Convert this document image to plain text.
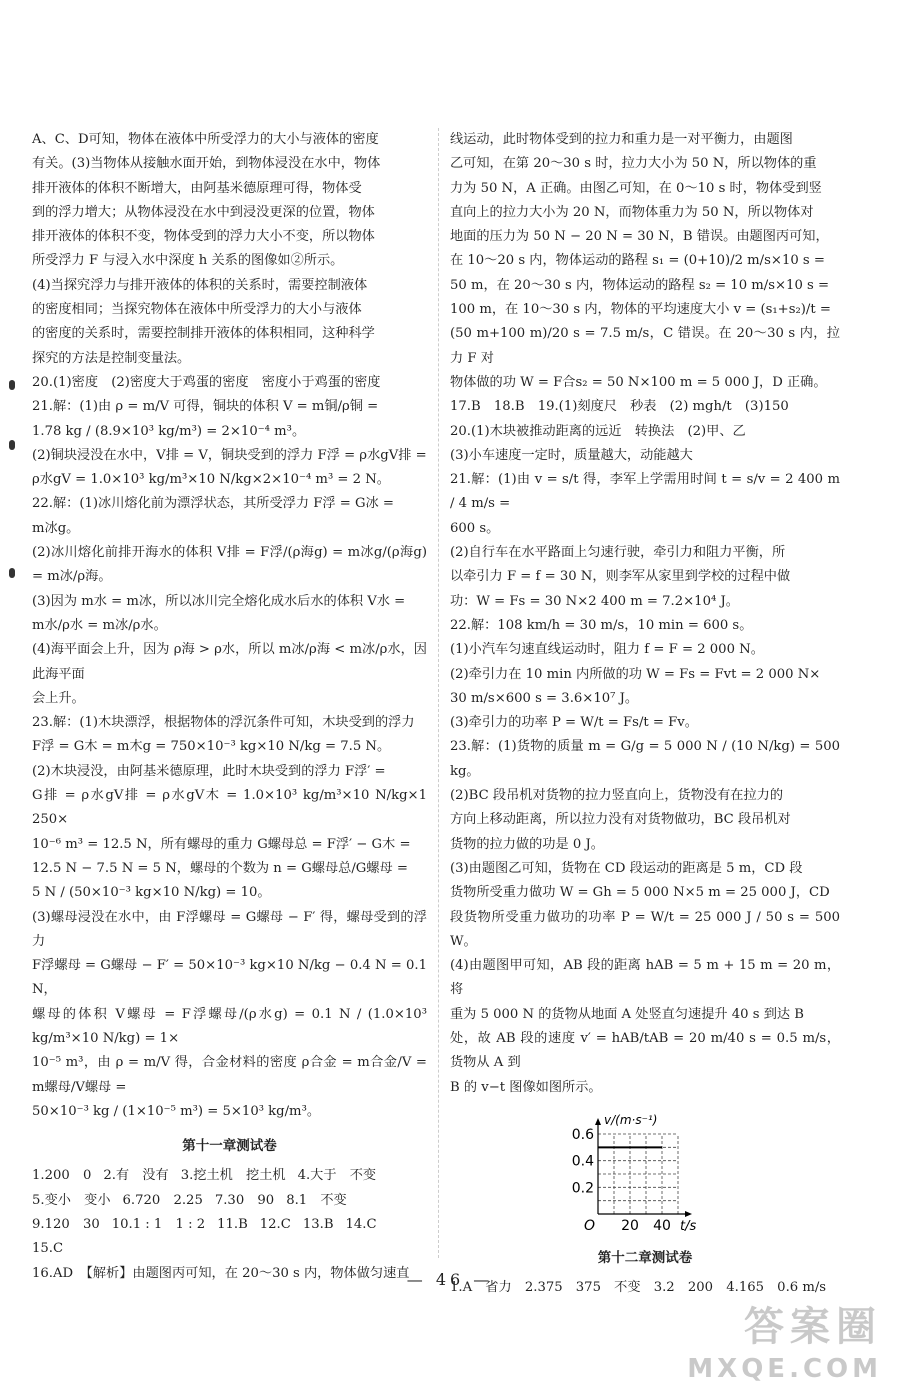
A、C、D可知，物体在液体中所受浮力的大小与液体的密度

有关。(3)当物体从接触水面开始，到物体浸没在水中，物体

排开液体的体积不断增大，由阿基米德原理可得，物体受

到的浮力增大；从物体浸没在水中到浸没更深的位置，物体

排开液体的体积不变，物体受到的浮力大小不变，所以物体

所受浮力 F 与浸入水中深度 h 关系的图像如②所示。

(4)当探究浮力与排开液体的体积的关系时，需要控制液体

的密度相同；当探究物体在液体中所受浮力的大小与液体

的密度的关系时，需要控制排开液体的体积相同，这种科学

探究的方法是控制变量法。

20.(1)密度　(2)密度大于鸡蛋的密度　密度小于鸡蛋的密度

21.解：(1)由 ρ = m/V 可得，铜块的体积 V = m铜/ρ铜 =

1.78 kg / (8.9×10³ kg/m³) = 2×10⁻⁴ m³。

(2)铜块浸没在水中，V排 = V，铜块受到的浮力 F浮 = ρ水gV排 =

ρ水gV = 1.0×10³ kg/m³×10 N/kg×2×10⁻⁴ m³ = 2 N。

22.解：(1)冰川熔化前为漂浮状态，其所受浮力 F浮 = G冰 =

m冰g。

(2)冰川熔化前排开海水的体积 V排 = F浮/(ρ海g) = m冰g/(ρ海g) = m冰/ρ海。

(3)因为 m水 = m冰，所以冰川完全熔化成水后水的体积 V水 =

m水/ρ水 = m冰/ρ水。

(4)海平面会上升，因为 ρ海 > ρ水，所以 m冰/ρ海 < m冰/ρ水，因此海平面

会上升。

23.解：(1)木块漂浮，根据物体的浮沉条件可知，木块受到的浮力

F浮 = G木 = m木g = 750×10⁻³ kg×10 N/kg = 7.5 N。

(2)木块浸没，由阿基米德原理，此时木块受到的浮力 F浮′ =

G排 = ρ水gV排 = ρ水gV木 = 1.0×10³ kg/m³×10 N/kg×1 250×

10⁻⁶ m³ = 12.5 N，所有螺母的重力 G螺母总 = F浮′ − G木 =

12.5 N − 7.5 N = 5 N，螺母的个数为 n = G螺母总/G螺母 =

5 N / (50×10⁻³ kg×10 N/kg) = 10。

(3)螺母浸没在水中，由 F浮螺母 = G螺母 − F′ 得，螺母受到的浮力

F浮螺母 = G螺母 − F′ = 50×10⁻³ kg×10 N/kg − 0.4 N = 0.1 N，

螺母的体积 V螺母 = F浮螺母/(ρ水g) = 0.1 N / (1.0×10³ kg/m³×10 N/kg) = 1×

10⁻⁵ m³，由 ρ = m/V 得，合金材料的密度 ρ合金 = m合金/V = m螺母/V螺母 =

50×10⁻³ kg / (1×10⁻⁵ m³) = 5×10³ kg/m³。

第十一章测试卷
1.200　0 2.有　没有 3.挖土机　挖土机 4.大于　不变
5.变小　变小 6.720　2.25 7.30　90 8.1　不变
9.120　30 10.1 : 1　1 : 2 11.B 12.C 13.B 14.C
15.C

16.AD　【解析】由题图丙可知，在 20～30 s 内，物体做匀速直

线运动，此时物体受到的拉力和重力是一对平衡力，由题图

乙可知，在第 20～30 s 时，拉力大小为 50 N，所以物体的重

力为 50 N，A 正确。由图乙可知，在 0～10 s 时，物体受到竖

直向上的拉力大小为 20 N，而物体重力为 50 N，所以物体对

地面的压力为 50 N − 20 N = 30 N，B 错误。由题图丙可知，

在 10～20 s 内，物体运动的路程 s₁ = (0+10)/2 m/s×10 s =

50 m，在 20～30 s 内，物体运动的路程 s₂ = 10 m/s×10 s =

100 m，在 10～30 s 内，物体的平均速度大小 v = (s₁+s₂)/t =

(50 m+100 m)/20 s = 7.5 m/s，C 错误。在 20～30 s 内，拉力 F 对

物体做的功 W = F合s₂ = 50 N×100 m = 5 000 J，D 正确。

17.B　18.B　19.(1)刻度尺　秒表　(2) mgh/t　(3)150

20.(1)木块被推动距离的远近　转换法　(2)甲、乙

(3)小车速度一定时，质量越大，动能越大

21.解：(1)由 v = s/t 得，李军上学需用时间 t = s/v = 2 400 m / 4 m/s =

600 s。

(2)自行车在水平路面上匀速行驶，牵引力和阻力平衡，所

以牵引力 F = f = 30 N，则李军从家里到学校的过程中做

功：W = Fs = 30 N×2 400 m = 7.2×10⁴ J。

22.解：108 km/h = 30 m/s，10 min = 600 s。

(1)小汽车匀速直线运动时，阻力 f = F = 2 000 N。

(2)牵引力在 10 min 内所做的功 W = Fs = Fvt = 2 000 N×

30 m/s×600 s = 3.6×10⁷ J。

(3)牵引力的功率 P = W/t = Fs/t = Fv。

23.解：(1)货物的质量 m = G/g = 5 000 N / (10 N/kg) = 500 kg。

(2)BC 段吊机对货物的拉力竖直向上，货物没有在拉力的

方向上移动距离，所以拉力没有对货物做功，BC 段吊机对

货物的拉力做的功是 0 J。

(3)由题图乙可知，货物在 CD 段运动的距离是 5 m，CD 段

货物所受重力做功 W = Gh = 5 000 N×5 m = 25 000 J，CD

段货物所受重力做功的功率 P = W/t = 25 000 J / 50 s = 500 W。

(4)由题图甲可知，AB 段的距离 hAB = 5 m + 15 m = 20 m，将

重为 5 000 N 的货物从地面 A 处竖直匀速提升 40 s 到达 B

处，故 AB 段的速度 v′ = hAB/tAB = 20 m/40 s = 0.5 m/s，货物从 A 到

B 的 v−t 图像如图所示。

0.2
0.4
0.6
20 40
O
v/(m·s⁻¹)
t/s
第十二章测试卷

1.A　省力　2.375　375　不变　3.2　200　4.165　0.6 m/s

— 46 —
答案圈
MXQE.COM
